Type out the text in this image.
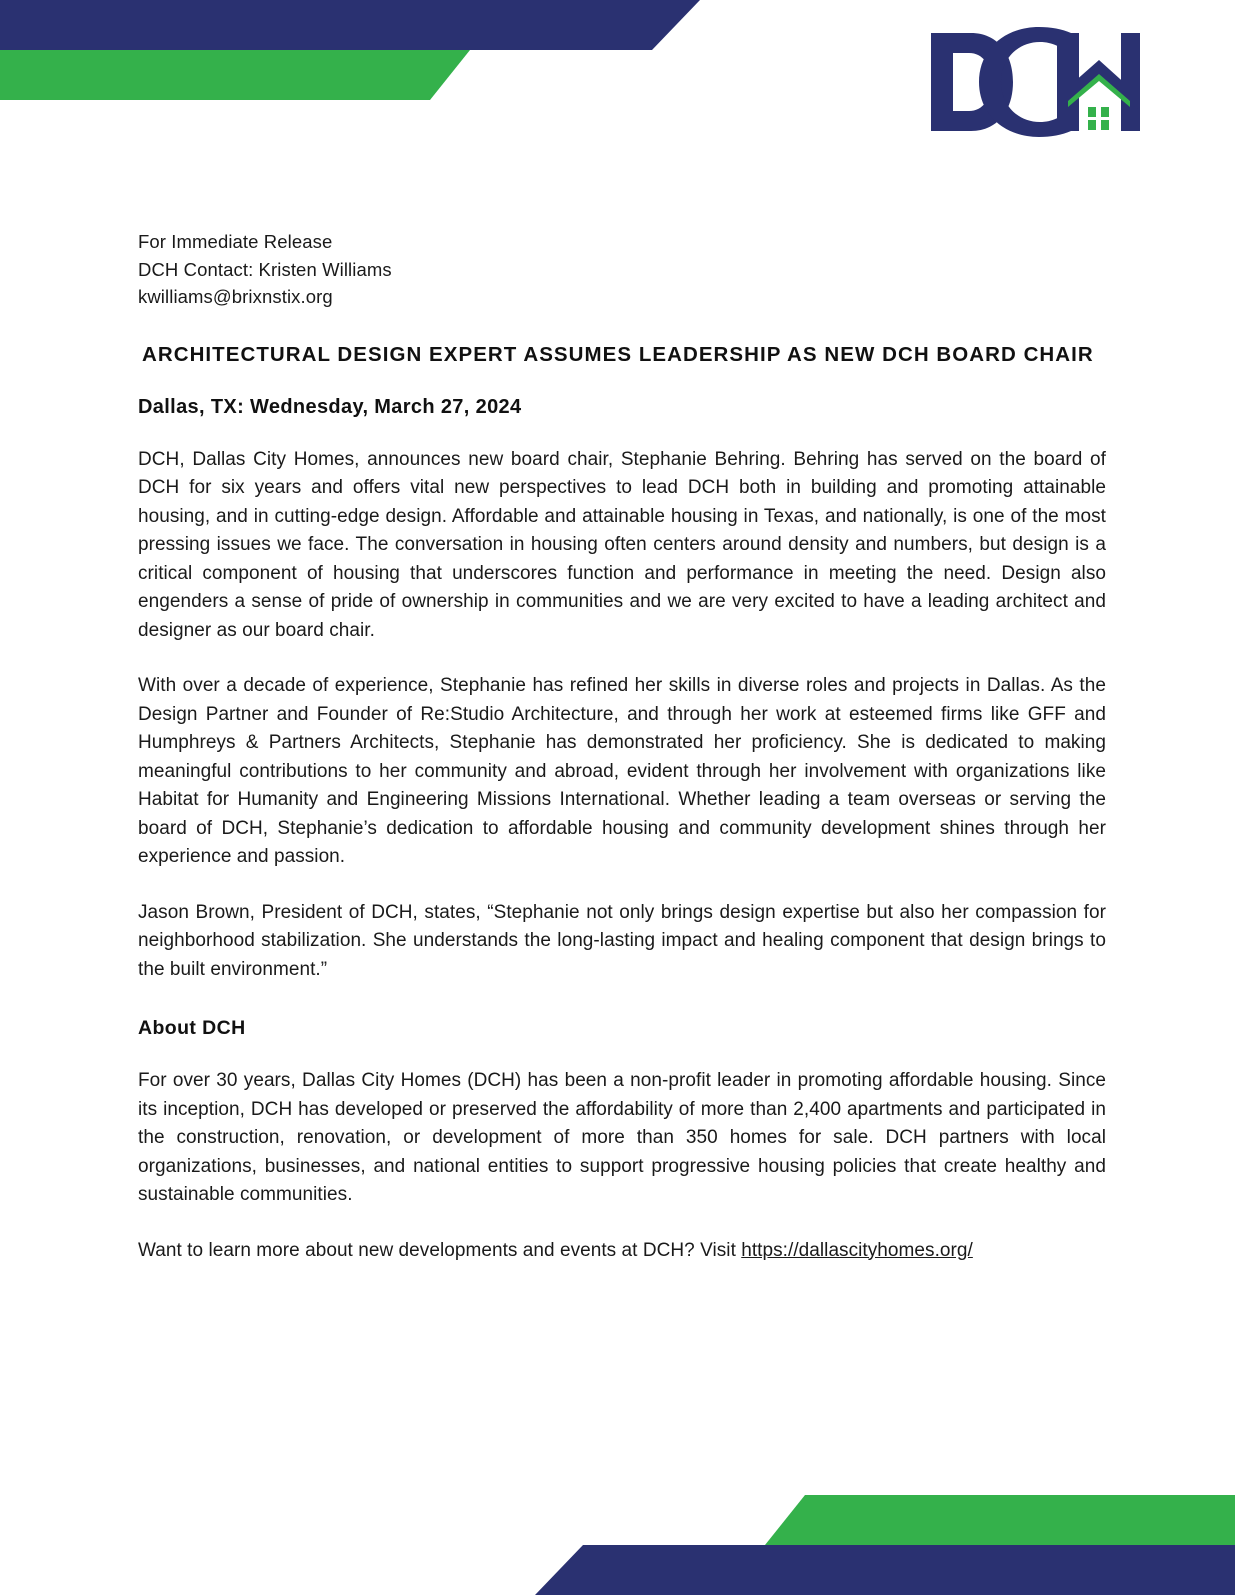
For Immediate Release
DCH Contact: Kristen Williams
kwilliams@brixnstix.org
ARCHITECTURAL DESIGN EXPERT ASSUMES LEADERSHIP AS NEW DCH BOARD CHAIR
Dallas, TX: Wednesday, March 27, 2024

DCH, Dallas City Homes, announces new board chair, Stephanie Behring. Behring has served on the board of DCH for six years and offers vital new perspectives to lead DCH both in building and promoting attainable housing, and in cutting-edge design. Affordable and attainable housing in Texas, and nationally, is one of the most pressing issues we face. The conversation in housing often centers around density and numbers, but design is a critical component of housing that underscores function and performance in meeting the need. Design also engenders a sense of pride of ownership in communities and we are very excited to have a leading architect and designer as our board chair.

With over a decade of experience, Stephanie has refined her skills in diverse roles and projects in Dallas. As the Design Partner and Founder of Re:Studio Architecture, and through her work at esteemed firms like GFF and Humphreys & Partners Architects, Stephanie has demonstrated her proficiency. She is dedicated to making meaningful contributions to her community and abroad, evident through her involvement with organizations like Habitat for Humanity and Engineering Missions International. Whether leading a team overseas or serving the board of DCH, Stephanie’s dedication to affordable housing and community development shines through her experience and passion.

Jason Brown, President of DCH, states, “Stephanie not only brings design expertise but also her compassion for neighborhood stabilization. She understands the long-lasting impact and healing component that design brings to the built environment.”

About DCH

For over 30 years, Dallas City Homes (DCH) has been a non-profit leader in promoting affordable housing. Since its inception, DCH has developed or preserved the affordability of more than 2,400 apartments and participated in the construction, renovation, or development of more than 350 homes for sale. DCH partners with local organizations, businesses, and national entities to support progressive housing policies that create healthy and sustainable communities.

Want to learn more about new developments and events at DCH? Visit https://dallascityhomes.org/
